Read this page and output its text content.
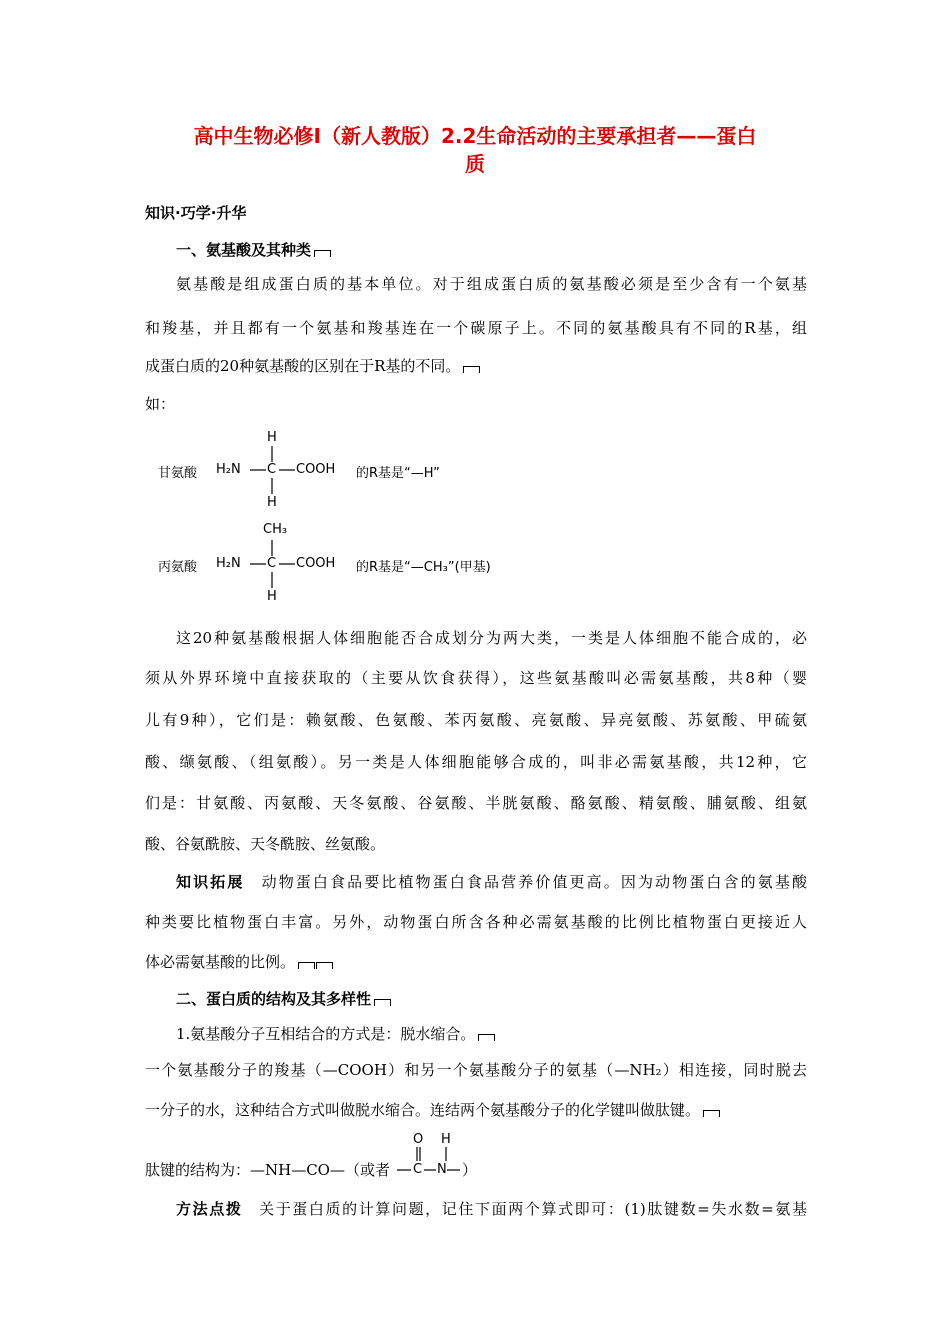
高中生物必修Ⅰ（新人教版）2.2生命活动的主要承担者——蛋白
质
知识·巧学·升华
一、氨基酸及其种类
氨基酸是组成蛋白质的基本单位。对于组成蛋白质的氨基酸必须是至少含有一个氨基
和羧基，并且都有一个氨基和羧基连在一个碳原子上。不同的氨基酸具有不同的R基，组
成蛋白质的20种氨基酸的区别在于R基的不同。
如：
甘氨酸 H₂N C COOH
H
H
的R基是“—H”
丙氨酸 H₂N C COOH
CH₃
H
的R基是“—CH₃”(甲基)
这20种氨基酸根据人体细胞能否合成划分为两大类，一类是人体细胞不能合成的，必
须从外界环境中直接获取的（主要从饮食获得），这些氨基酸叫必需氨基酸，共8种（婴
儿有9种），它们是：赖氨酸、色氨酸、苯丙氨酸、亮氨酸、异亮氨酸、苏氨酸、甲硫氨
酸、缬氨酸、（组氨酸）。另一类是人体细胞能够合成的，叫非必需氨基酸，共12种，它
们是：甘氨酸、丙氨酸、天冬氨酸、谷氨酸、半胱氨酸、酪氨酸、精氨酸、脯氨酸、组氨
酸、谷氨酰胺、天冬酰胺、丝氨酸。
知识拓展　 动物蛋白食品要比植物蛋白食品营养价值更高。因为动物蛋白含的氨基酸
种类要比植物蛋白丰富。另外，动物蛋白所含各种必需氨基酸的比例比植物蛋白更接近人
体必需氨基酸的比例。
二、蛋白质的结构及其多样性
1.氨基酸分子互相结合的方式是：脱水缩合。
一个氨基酸分子的羧基（—COOH）和另一个氨基酸分子的氨基（—NH₂）相连接，同时脱去
一分子的水，这种结合方式叫做脱水缩合。连结两个氨基酸分子的化学键叫做肽键。
肽键的结构为：—NH—CO—（或者	）
O H
C N
方法点拨　 关于蛋白质的计算问题，记住下面两个算式即可：(1)肽键数=失水数=氨基
